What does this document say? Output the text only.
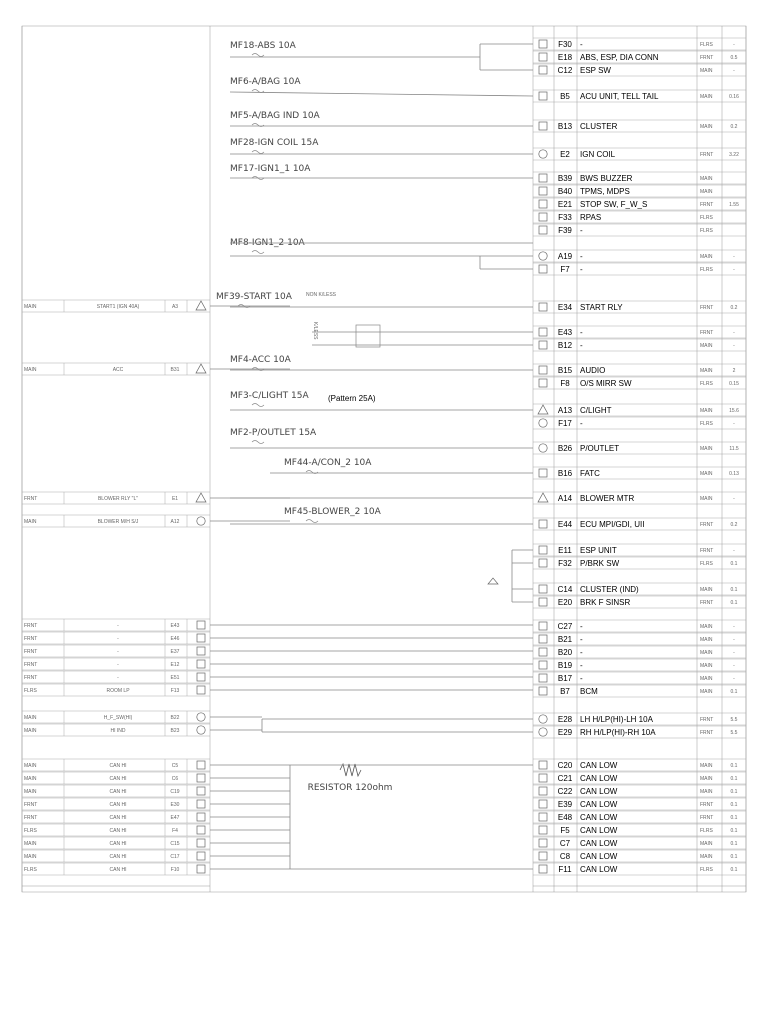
MAIN	START1 (IGN 40A)	A3
MAIN	ACC	B31
FRNT	BLOWER RLY "L"	E1
MAIN	BLOWER M/H S/J	A12
FRNT	-	E43
FRNT	-	E46
FRNT	-	E37
FRNT	-	E12
FRNT	-	E51
FLRS	ROOM LP	F13
MAIN	H_F_SW(HI)	B22
MAIN	HI IND	B23
MAIN	CAN HI	C5
MAIN	CAN HI	C6
MAIN	CAN HI	C19
FRNT	CAN HI	E30
FRNT	CAN HI	E47
FLRS	CAN HI	F4
MAIN	CAN HI	C15
MAIN	CAN HI	C17
FLRS	CAN HI	F10
F30 -	FLRS	-
E18 ABS, ESP, DIA CONN	FRNT	0.5
C12 ESP SW	MAIN	-
B5 ACU UNIT, TELL TAIL	MAIN	0.16
B13 CLUSTER	MAIN	0.2
E2 IGN COIL	FRNT	3.22
B39 BWS BUZZER	MAIN
B40 TPMS, MDPS	MAIN
E21 STOP SW, F_W_S	FRNT	1.55
F33 RPAS	FLRS
F39 -	FLRS
A19 -	MAIN	-
F7 -	FLRS	-
E34 START RLY	FRNT	0.2
E43 -	FRNT	-
B12 -	MAIN	-
B15 AUDIO	MAIN	2
F8 O/S MIRR SW	FLRS	0.15
A13 C/LIGHT	MAIN	15.6
F17 -	FLRS	-
B26 P/OUTLET	MAIN	11.5
B16 FATC	MAIN	0.13
A14 BLOWER MTR	MAIN	-
E44 ECU MPI/GDI, UII	FRNT	0.2
E11 ESP UNIT	FRNT	-
F32 P/BRK SW	FLRS	0.1
C14 CLUSTER (IND)	MAIN	0.1
E20 BRK F SINSR	FRNT	0.1
C27 -	MAIN	-
B21 -	MAIN	-
B20 -	MAIN	-
B19 -	MAIN	-
B17 -	MAIN	-
B7 BCM	MAIN	0.1
E28 LH H/LP(HI)-LH 10A	FRNT	5.5
E29 RH H/LP(HI)-RH 10A	FRNT	5.5
C20 CAN LOW	MAIN	0.1
C21 CAN LOW	MAIN	0.1
C22 CAN LOW	MAIN	0.1
E39 CAN LOW	FRNT	0.1
E48 CAN LOW	FRNT	0.1
F5 CAN LOW	FLRS	0.1
C7 CAN LOW	MAIN	0.1
C8 CAN LOW	MAIN	0.1
F11 CAN LOW	FLRS	0.1
MF18-ABS 10A
MF6-A/BAG 10A
MF5-A/BAG IND 10A
MF28-IGN COIL 15A
MF17-IGN1_1 10A
MF8-IGN1_2 10A
MF39-START 10A
MF4-ACC 10A
MF3-C/LIGHT 15A
MF2-P/OUTLET 15A
MF44-A/CON_2 10A
MF45-BLOWER_2 10A
(Pattern 25A)
NON K/LESS
K/LESS
RESISTOR 120ohm
